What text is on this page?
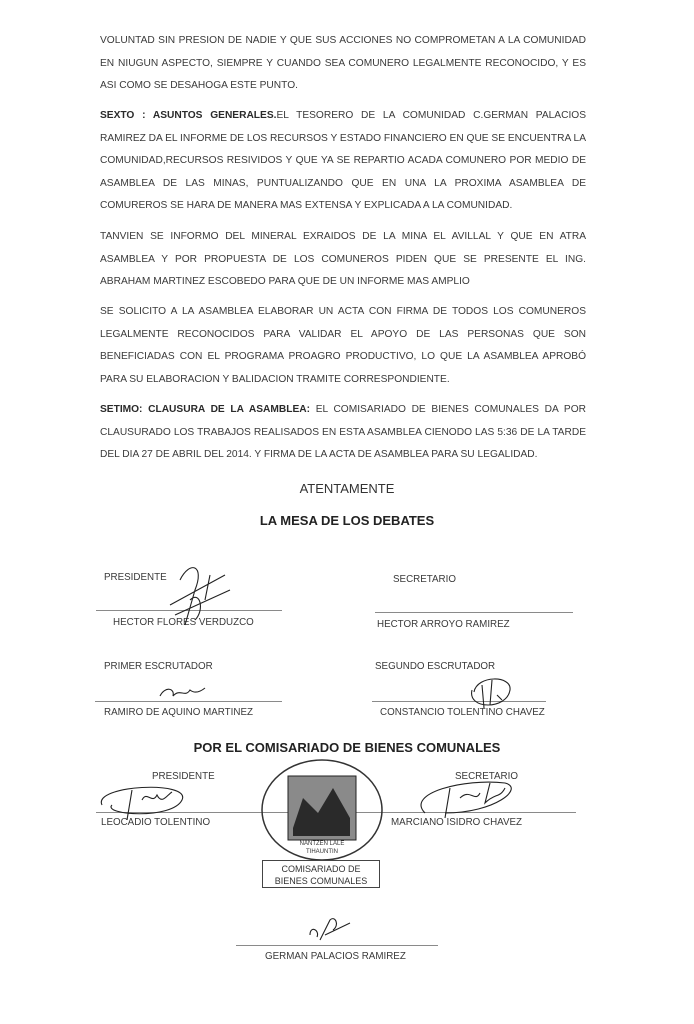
VOLUNTAD SIN PRESION DE NADIE Y QUE SUS ACCIONES NO COMPROMETAN A LA COMUNIDAD EN NIUGUN ASPECTO, SIEMPRE Y CUANDO SEA COMUNERO LEGALMENTE RECONOCIDO, Y ES ASI COMO SE DESAHOGA ESTE PUNTO.
SEXTO : ASUNTOS GENERALES.EL TESORERO DE LA COMUNIDAD C.GERMAN PALACIOS RAMIREZ DA EL INFORME DE LOS RECURSOS Y ESTADO FINANCIERO EN QUE SE ENCUENTRA LA COMUNIDAD,RECURSOS RESIVIDOS Y QUE YA SE REPARTIO ACADA COMUNERO POR MEDIO DE ASAMBLEA DE LAS MINAS, PUNTUALIZANDO QUE EN UNA LA PROXIMA ASAMBLEA DE COMUREROS SE HARA DE MANERA MAS EXTENSA Y EXPLICADA A LA COMUNIDAD.
TANVIEN SE INFORMO DEL MINERAL EXRAIDOS DE LA MINA EL AVILLAL Y QUE EN ATRA ASAMBLEA Y POR PROPUESTA DE LOS COMUNEROS PIDEN QUE SE PRESENTE EL ING. ABRAHAM MARTINEZ ESCOBEDO PARA QUE DE UN INFORME MAS AMPLIO
SE SOLICITO A LA ASAMBLEA ELABORAR UN ACTA CON FIRMA DE TODOS LOS COMUNEROS LEGALMENTE RECONOCIDOS PARA VALIDAR EL APOYO DE LAS PERSONAS QUE SON BENEFICIADAS CON EL PROGRAMA PROAGRO PRODUCTIVO, LO QUE LA ASAMBLEA APROBÓ PARA SU ELABORACION Y BALIDACION TRAMITE CORRESPONDIENTE.
SETIMO: CLAUSURA DE LA ASAMBLEA: EL COMISARIADO DE BIENES COMUNALES DA POR CLAUSURADO LOS TRABAJOS REALISADOS EN ESTA ASAMBLEA CIENODO LAS 5:36 DE LA TARDE DEL DIA 27 DE ABRIL DEL 2014. Y FIRMA DE LA ACTA DE ASAMBLEA PARA SU LEGALIDAD.
ATENTAMENTE
LA MESA DE LOS DEBATES
PRESIDENTE
HECTOR FLORES VERDUZCO
SECRETARIO
HECTOR ARROYO RAMIREZ
PRIMER ESCRUTADOR
RAMIRO DE AQUINO MARTINEZ
SEGUNDO ESCRUTADOR
CONSTANCIO TOLENTINO CHAVEZ
POR EL COMISARIADO DE BIENES COMUNALES
PRESIDENTE
LEOCADIO TOLENTINO
SECRETARIO
MARCIANO ISIDRO CHAVEZ
NANTZEN LALE
TIHAUNTIN
COMISARIADO DE
BIENES COMUNALES
GERMAN PALACIOS RAMIREZ
